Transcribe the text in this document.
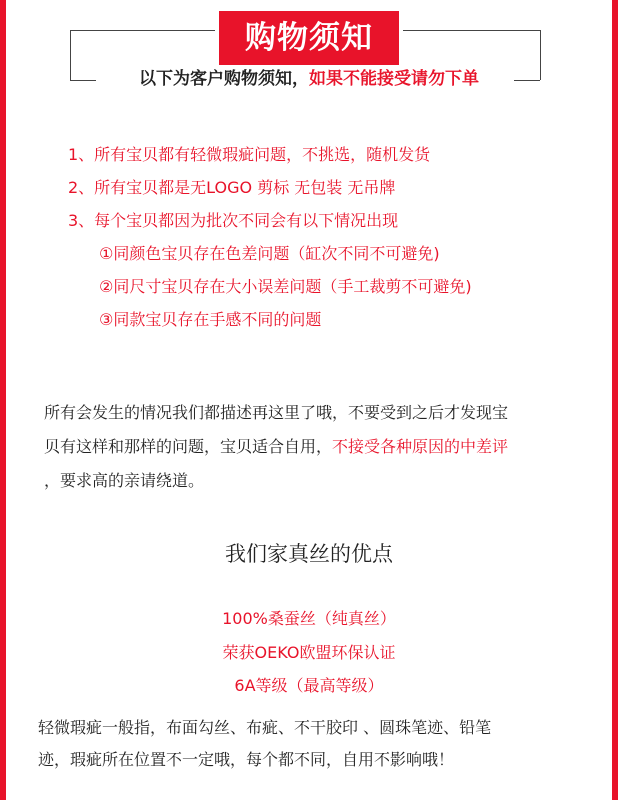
购物须知
以下为客户购物须知，如果不能接受请勿下单
1、所有宝贝都有轻微瑕疵问题，不挑选，随机发货
2、所有宝贝都是无LOGO 剪标 无包装 无吊牌
3、每个宝贝都因为批次不同会有以下情况出现
①同颜色宝贝存在色差问题（缸次不同不可避免)
②同尺寸宝贝存在大小误差问题（手工裁剪不可避免)
③同款宝贝存在手感不同的问题
所有会发生的情况我们都描述再这里了哦，不要受到之后才发现宝
贝有这样和那样的问题，宝贝适合自用，不接受各种原因的中差评
，要求高的亲请绕道。
我们家真丝的优点
100%桑蚕丝（纯真丝）
荣获OEKO欧盟环保认证
6A等级（最高等级）
轻微瑕疵一般指，布面勾丝、布疵、不干胶印 、圆珠笔迹、铅笔
迹，瑕疵所在位置不一定哦，每个都不同，自用不影响哦！
